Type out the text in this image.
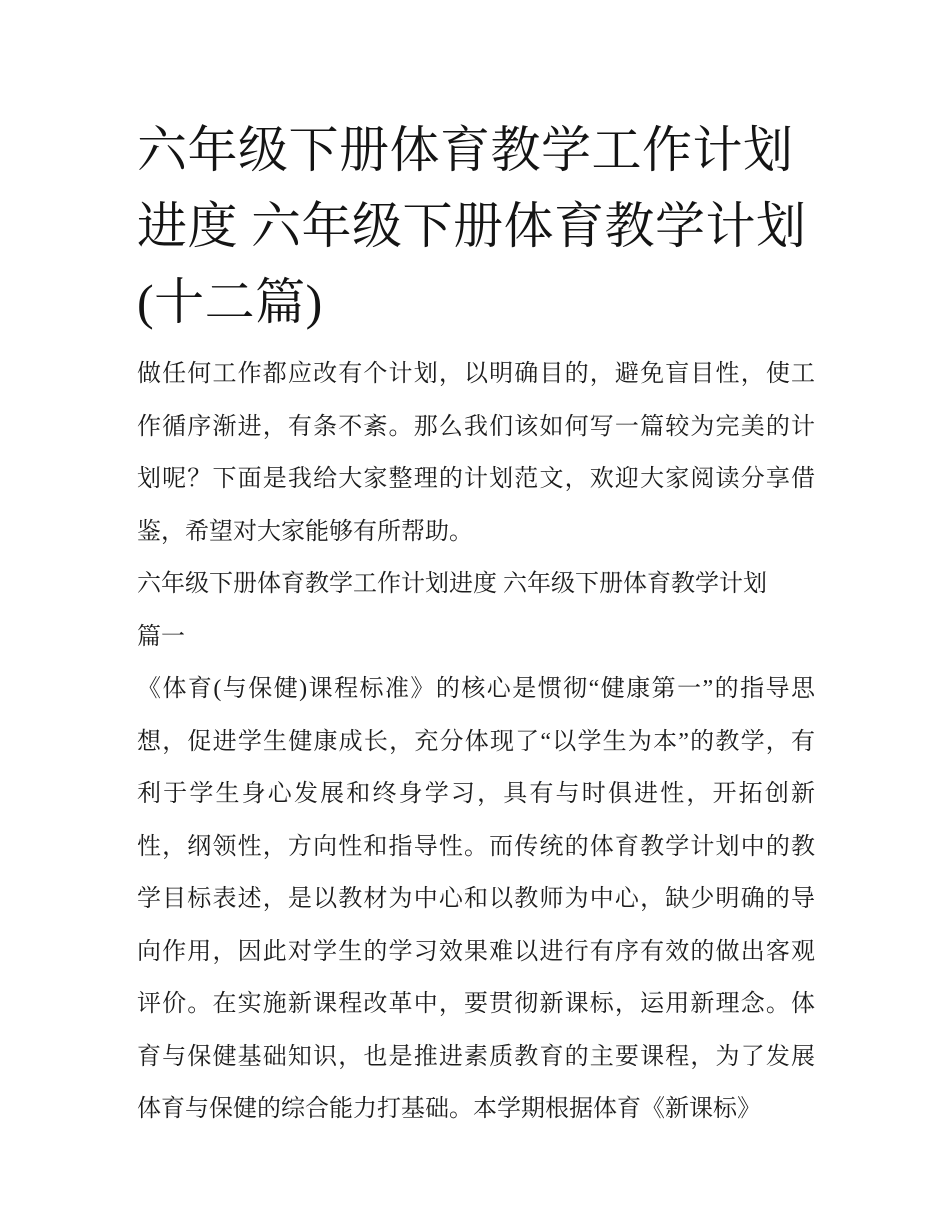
六年级下册体育教学工作计划
进度 六年级下册体育教学计划
(十二篇)
做任何工作都应改有个计划，以明确目的，避免盲目性，使工
作循序渐进，有条不紊。那么我们该如何写一篇较为完美的计
划呢？下面是我给大家整理的计划范文，欢迎大家阅读分享借
鉴，希望对大家能够有所帮助。
六年级下册体育教学工作计划进度 六年级下册体育教学计划
篇一
《体育(与保健)课程标准》的核心是惯彻“健康第一”的指导思
想，促进学生健康成长，充分体现了“以学生为本”的教学，有
利于学生身心发展和终身学习，具有与时俱进性，开拓创新
性，纲领性，方向性和指导性。而传统的体育教学计划中的教
学目标表述，是以教材为中心和以教师为中心，缺少明确的导
向作用，因此对学生的学习效果难以进行有序有效的做出客观
评价。在实施新课程改革中，要贯彻新课标，运用新理念。体
育与保健基础知识，也是推进素质教育的主要课程，为了发展
体育与保健的综合能力打基础。本学期根据体育《新课标》
